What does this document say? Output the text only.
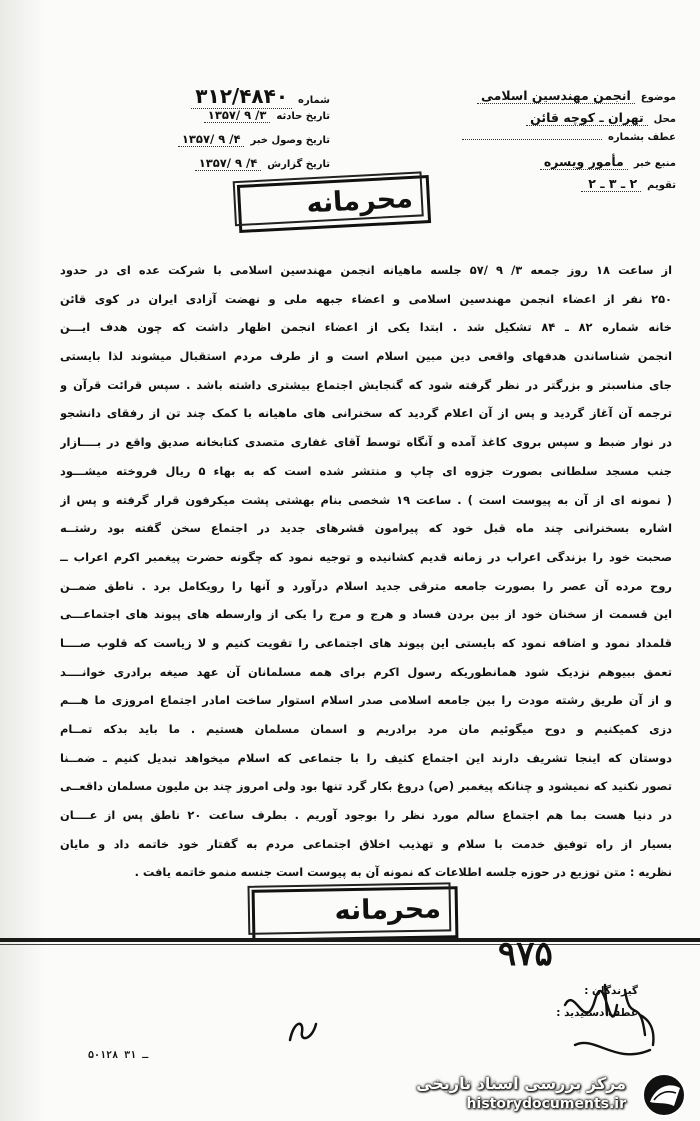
موضوع
انجمن مهندسین اسلامی
محل
تهران ـ کوچه قائن
عطف بشماره
منبع خبر
مأمور ویسره
تقویم
۲ ـ ۳ ـ ۲
شماره
۳۱۲/۴۸۴۰
تاریخ حادثه
۳/ ۹ /۱۳۵۷
تاریخ وصول خبر
۴/ ۹ /۱۳۵۷
تاریخ گزارش
۴/ ۹ /۱۳۵۷
محرمانه
از ساعت ۱۸ روز جمعه ۳/ ۹ /۵۷ جلسه ماهیانه انجمن مهندسین اسلامی با شرکت عده ای در حدود
۲۵۰ نفر از اعضاء انجمن مهندسین اسلامی و اعضاء جبهه ملی و نهضت آزادی ایران در کوی قائن
خانه شماره ۸۲ ـ ۸۴ تشکیل شد . ابتدا یکی از اعضاء انجمن اظهار داشت که چون هدف ایـــن
انجمن شناساندن هدفهای واقعی دین مبین اسلام است و از طرف مردم استقبال میشوند لذا بایستی
جای مناسبتر و بزرگتر در نظر گرفته شود که گنجایش اجتماع بیشتری داشته باشد . سپس قرائت قرآن و
ترجمه آن آغاز گردید و پس از آن اعلام گردید که سخنرانی های ماهیانه با کمک چند تن از رفقای دانشجو
در نوار ضبط و سپس بروی کاغذ آمده و آنگاه توسط آقای غفاری متصدی کتابخانه صدیق واقع در بــــازار
جنب مسجد سلطانی بصورت جزوه ای چاپ و منتشر شده است که به بهاء ۵ ریال فروخته میشـــود
( نمونه ای از آن به پیوست است ) . ساعت ۱۹ شخصی بنام بهشتی پشت میکرفون قرار گرفته و پس از
اشاره بسخنرانی چند ماه قبل خود که پیرامون قشرهای جدید در اجتماع سخن گفته بود رشتــه
صحبت خود را بزندگی اعراب در زمانه قدیم کشانیده و توجیه نمود که چگونه حضرت پیغمبر اکرم اعراب ــ
روح مرده آن عصر را بصورت جامعه مترقی جدید اسلام درآورد و آنها را رویکامل برد . ناطق ضمــن
این قسمت از سخنان خود از بین بردن فساد و هرج و مرج را یکی از وارسطه های پیوند های اجتماعـــی
قلمداد نمود و اضافه نمود که بایستی این پیوند های اجتماعی را تقویت کنیم و لا زیاست که قلوب صــــا
تعمق ببیوهم نزدیک شود همانطوریکه رسول اکرم برای همه مسلمانان آن عهد صیغه برادری خوانــــد
و از آن طریق رشته مودت را بین جامعه اسلامی صدر اسلام استوار ساخت امادر اجتماع امروزی ما هـــم
دزی کمیکنیم و دوح میگوئیم مان مرد برادریم و اسمان مسلمان هستیم . ما باید بدکه تمــام
دوستان که اینجا تشریف دارند این اجتماع کثیف را با جتماعی که اسلام میخواهد تبدیل کنیم ـ ضمــنا
تصور نکنید که نمیشود و چنانکه پیغمبر (ص) دروغ بکار گرد تنها بود ولی امروز چند بن ملیون مسلمان داقعــی
در دنیا هست بما هم اجتماع سالم مورد نظر را بوجود آوریم . بطرف ساعت ۲۰ ناطق پس از عــــان
بسیار از راه توفیق خدمت با سلام و تهذیب اخلاق اجتماعی مردم به گفتار خود خاتمه داد و مایان
نظریه : متن توزیع در حوزه جلسه اطلاعات که نمونه آن به پیوست است جنسه منمو خاتمه یافت .
محرمانه
۹۷۵
گیرندگان :
عطف دستیدید :
۵۰۱۲۸ ـ ۳۱
مرکز بررسی اسناد تاریخی
historydocuments.ir
